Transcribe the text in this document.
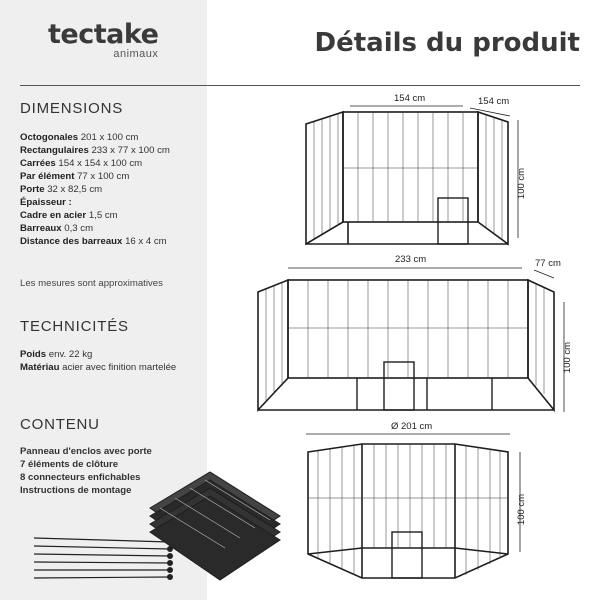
tectake
animaux	Détails du produit
DIMENSIONS
Octogonales 201 x 100 cm
Rectangulaires 233 x 77 x 100 cm
Carrées 154 x 154 x 100 cm
Par élément 77 x 100 cm
Porte 32 x 82,5 cm
Épaisseur :
Cadre en acier 1,5 cm
Barreaux 0,3 cm
Distance des barreaux 16 x 4 cm
Les mesures sont approximatives
TECHNICITÉS
Poids env. 22 kg
Matériau acier avec finition martelée
CONTENU
Panneau d'enclos avec porte
7 éléments de clôture
8 connecteurs enfichables
Instructions de montage
154 cm	154 cm
100 cm
233 cm	77 cm
100 cm
Ø 201 cm
100 cm
